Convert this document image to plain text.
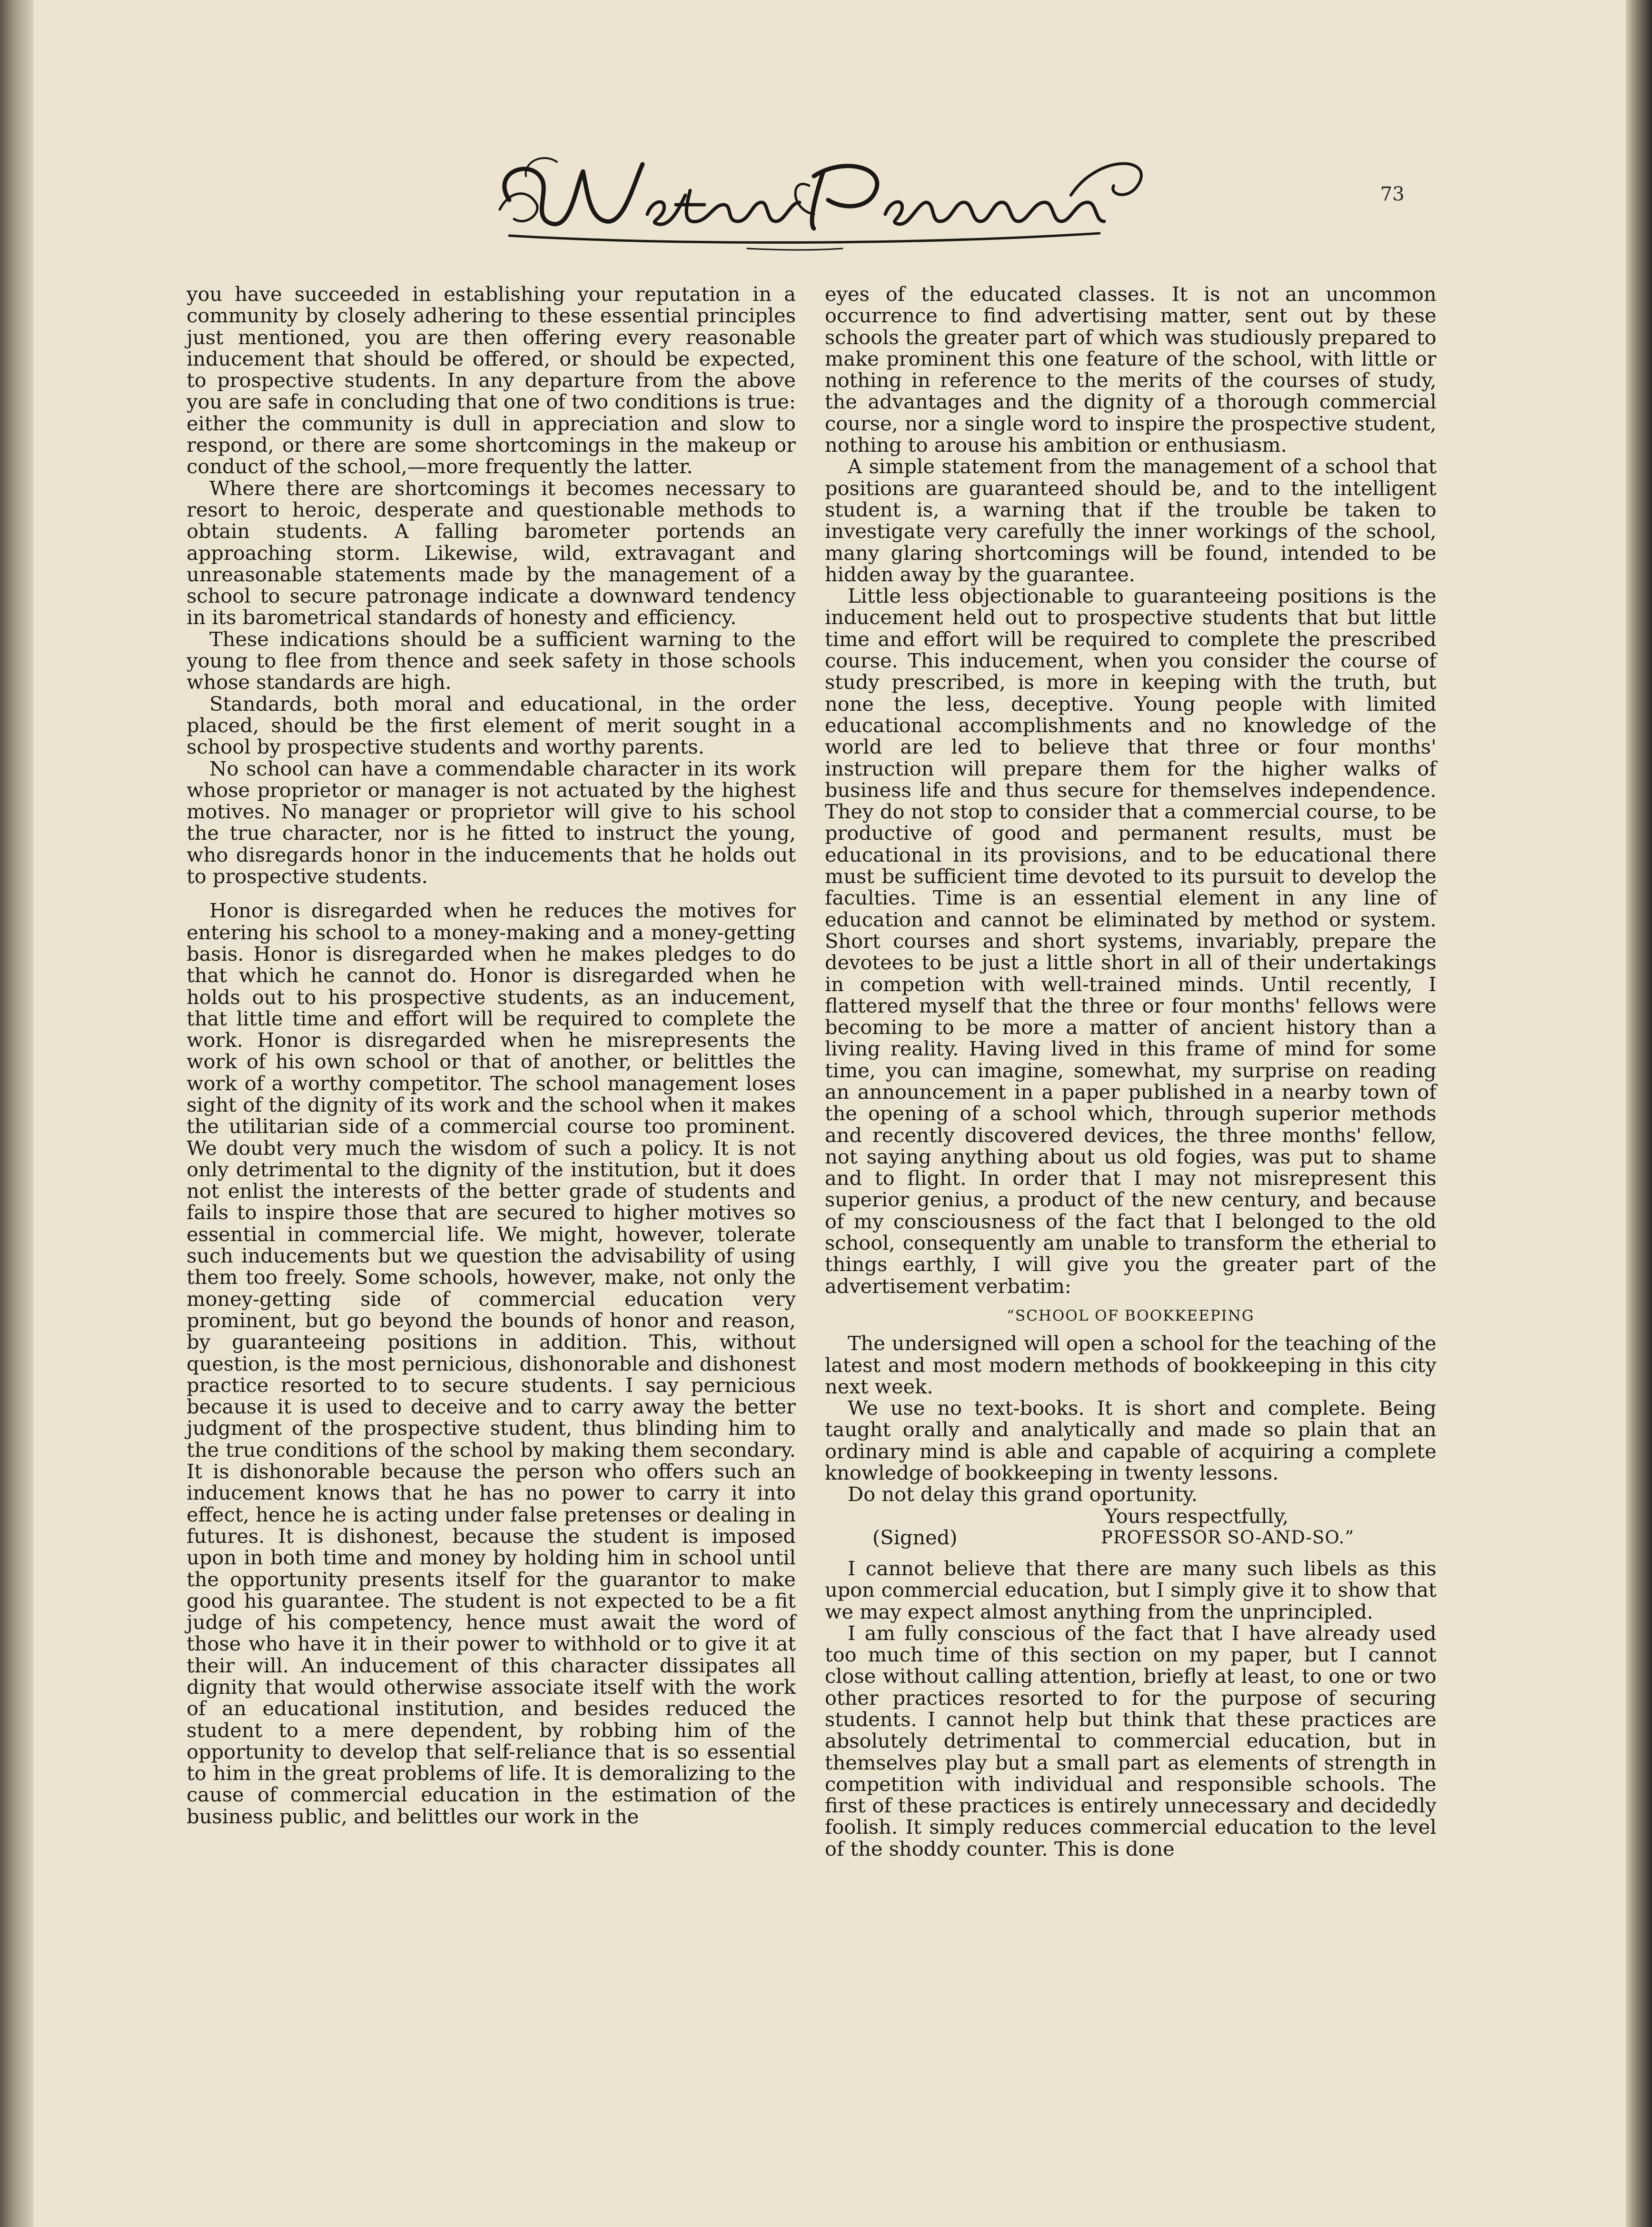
73

you have succeeded in establishing your reputation in a community by closely adhering to these essential principles just mentioned, you are then offering every reasonable inducement that should be offered, or should be expected, to prospective students. In any departure from the above you are safe in concluding that one of two conditions is true: either the community is dull in appreciation and slow to respond, or there are some shortcomings in the makeup or conduct of the school,—more frequently the latter.

Where there are shortcomings it becomes necessary to resort to heroic, desperate and questionable methods to obtain students. A falling barometer portends an approaching storm. Likewise, wild, extravagant and unreasonable statements made by the management of a school to secure patronage indicate a downward tendency in its barometrical standards of honesty and efficiency.

These indications should be a sufficient warning to the young to flee from thence and seek safety in those schools whose standards are high.

Standards, both moral and educational, in the order placed, should be the first element of merit sought in a school by prospective students and worthy parents.

No school can have a commendable character in its work whose proprietor or manager is not actuated by the highest motives. No manager or proprietor will give to his school the true character, nor is he fitted to instruct the young, who disregards honor in the inducements that he holds out to prospective students.

Honor is disregarded when he reduces the motives for entering his school to a money-making and a money-getting basis. Honor is disregarded when he makes pledges to do that which he cannot do. Honor is disregarded when he holds out to his prospective students, as an inducement, that little time and effort will be required to complete the work. Honor is disregarded when he misrepresents the work of his own school or that of another, or belittles the work of a worthy competitor. The school management loses sight of the dignity of its work and the school when it makes the utilitarian side of a commercial course too prominent. We doubt very much the wisdom of such a policy. It is not only detrimental to the dignity of the institution, but it does not enlist the interests of the better grade of students and fails to inspire those that are secured to higher motives so essential in commercial life. We might, however, tolerate such inducements but we question the advisability of using them too freely. Some schools, however, make, not only the money-getting side of commercial education very prominent, but go beyond the bounds of honor and reason, by guaranteeing positions in addition. This, without question, is the most pernicious, dishonorable and dishonest practice resorted to to secure students. I say pernicious because it is used to deceive and to carry away the better judgment of the prospective student, thus blinding him to the true conditions of the school by making them secondary. It is dishonorable because the person who offers such an inducement knows that he has no power to carry it into effect, hence he is acting under false pretenses or dealing in futures. It is dishonest, because the student is imposed upon in both time and money by holding him in school until the opportunity presents itself for the guarantor to make good his guarantee. The student is not expected to be a fit judge of his competency, hence must await the word of those who have it in their power to withhold or to give it at their will. An inducement of this character dissipates all dignity that would otherwise associate itself with the work of an educational institution, and besides reduced the student to a mere dependent, by robbing him of the opportunity to develop that self-reliance that is so essential to him in the great problems of life. It is demoralizing to the cause of commercial education in the estimation of the business public, and belittles our work in the

eyes of the educated classes. It is not an uncommon occurrence to find advertising matter, sent out by these schools the greater part of which was studiously prepared to make prominent this one feature of the school, with little or nothing in reference to the merits of the courses of study, the advantages and the dignity of a thorough commercial course, nor a single word to inspire the prospective student, nothing to arouse his ambition or enthusiasm.

A simple statement from the management of a school that positions are guaranteed should be, and to the intelligent student is, a warning that if the trouble be taken to investigate very carefully the inner workings of the school, many glaring shortcomings will be found, intended to be hidden away by the guarantee.

Little less objectionable to guaranteeing positions is the inducement held out to prospective students that but little time and effort will be required to complete the prescribed course. This inducement, when you consider the course of study prescribed, is more in keeping with the truth, but none the less, deceptive. Young people with limited educational accomplishments and no knowledge of the world are led to believe that three or four months' instruction will prepare them for the higher walks of business life and thus secure for themselves independence. They do not stop to consider that a commercial course, to be productive of good and permanent results, must be educational in its provisions, and to be educational there must be sufficient time devoted to its pursuit to develop the faculties. Time is an essential element in any line of education and cannot be eliminated by method or system. Short courses and short systems, invariably, prepare the devotees to be just a little short in all of their undertakings in competion with well-trained minds. Until recently, I flattered myself that the three or four months' fellows were becoming to be more a matter of ancient history than a living reality. Having lived in this frame of mind for some time, you can imagine, somewhat, my surprise on reading an announcement in a paper published in a nearby town of the opening of a school which, through superior methods and recently discovered devices, the three months' fellow, not saying anything about us old fogies, was put to shame and to flight. In order that I may not misrepresent this superior genius, a product of the new century, and because of my consciousness of the fact that I belonged to the old school, consequently am unable to transform the etherial to things earthly, I will give you the greater part of the advertisement verbatim:

“SCHOOL OF BOOKKEEPING

The undersigned will open a school for the teaching of the latest and most modern methods of bookkeeping in this city next week.

We use no text-books. It is short and complete. Being taught orally and analytically and made so plain that an ordinary mind is able and capable of acquiring a complete knowledge of bookkeeping in twenty lessons.

Do not delay this grand oportunity.

Yours respectfully,

(Signed)	PROFESSOR SO-AND-SO.”

I cannot believe that there are many such libels as this upon commercial education, but I simply give it to show that we may expect almost anything from the unprincipled.

I am fully conscious of the fact that I have already used too much time of this section on my paper, but I cannot close without calling attention, briefly at least, to one or two other practices resorted to for the purpose of securing students. I cannot help but think that these practices are absolutely detrimental to commercial education, but in themselves play but a small part as elements of strength in competition with individual and responsible schools. The first of these practices is entirely unnecessary and decidedly foolish. It simply reduces commercial education to the level of the shoddy counter. This is done
